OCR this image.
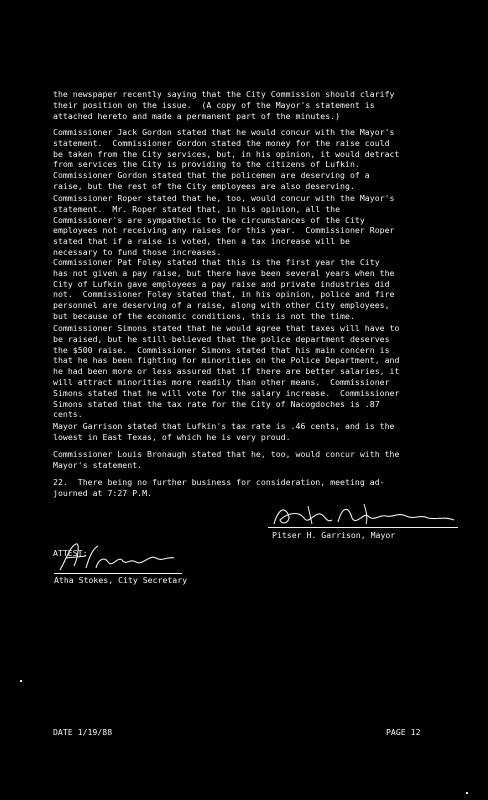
the newspaper recently saying that the City Commission should clarify
their position on the issue.  (A copy of the Mayor's statement is
attached hereto and made a permanent part of the minutes.)
Commissioner Jack Gordon stated that he would concur with the Mayor's
statement.  Commissioner Gordon stated the money for the raise could
be taken from the City services, but, in his opinion, it would detract
from services the City is providing to the citizens of Lufkin.
Commissioner Gordon stated that the policemen are deserving of a
raise, but the rest of the City employees are also deserving.
Commissioner Roper stated that he, too, would concur with the Mayor's
statement.  Mr. Roper stated that, in his opinion, all the
Commissioner's are sympathetic to the circumstances of the City
employees not receiving any raises for this year.  Commissioner Roper
stated that if a raise is voted, then a tax increase will be
necessary to fund those increases.
Commissioner Pat Foley stated that this is the first year the City
has not given a pay raise, but there have been several years when the
City of Lufkin gave employees a pay raise and private industries did
not.  Commissioner Foley stated that, in his opinion, police and fire
personnel are deserving of a raise, along with other City employees,
but because of the economic conditions, this is not the time.
Commissioner Simons stated that he would agree that taxes will have to
be raised, but he still believed that the police department deserves
the $500 raise.  Commissioner Simons stated that his main concern is
that he has been fighting for minorities on the Police Department, and
he had been more or less assured that if there are better salaries, it
will attract minorities more readily than other means.  Commissioner
Simons stated that he will vote for the salary increase.  Commissioner
Simons stated that the tax rate for the City of Nacogdoches is .87
cents.
Mayor Garrison stated that Lufkin's tax rate is .46 cents, and is the
lowest in East Texas, of which he is very proud.
Commissioner Louis Bronaugh stated that he, too, would concur with the
Mayor's statement.
22.  There being no further business for consideration, meeting ad-
journed at 7:27 P.M.
Pitser H. Garrison, Mayor
ATTEST:
Atha Stokes, City Secretary
DATE 1/19/88	PAGE 12
